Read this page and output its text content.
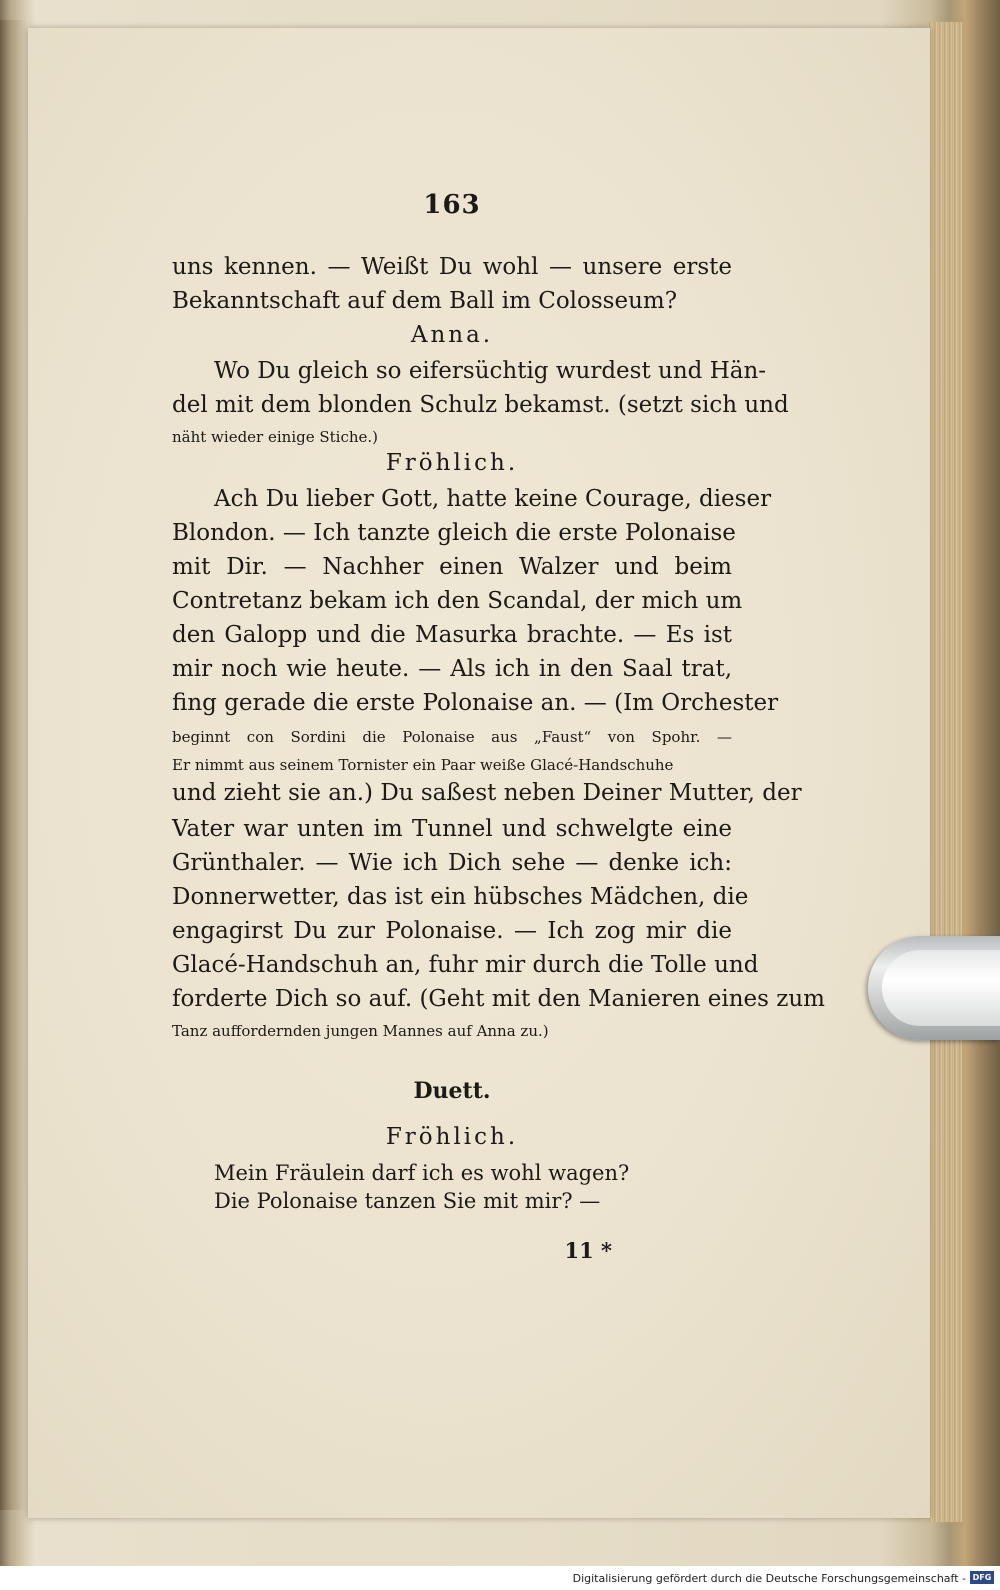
163
uns kennen. — Weißt Du wohl — unsere erste
Bekanntschaft auf dem Ball im Colosseum?
Anna.
Wo Du gleich so eifersüchtig wurdest und Hän-
del mit dem blonden Schulz bekamst. (setzt sich und
näht wieder einige Stiche.)
Fröhlich.
Ach Du lieber Gott, hatte keine Courage, dieser
Blondon. — Ich tanzte gleich die erste Polonaise
mit Dir. — Nachher einen Walzer und beim
Contretanz bekam ich den Scandal, der mich um
den Galopp und die Masurka brachte. — Es ist
mir noch wie heute. — Als ich in den Saal trat,
fing gerade die erste Polonaise an. — (Im Orchester
beginnt con Sordini die Polonaise aus „Faust“ von Spohr. —
Er nimmt aus seinem Tornister ein Paar weiße Glacé-Handschuhe
und zieht sie an.) Du saßest neben Deiner Mutter, der
Vater war unten im Tunnel und schwelgte eine
Grünthaler. — Wie ich Dich sehe — denke ich:
Donnerwetter, das ist ein hübsches Mädchen, die
engagirst Du zur Polonaise. — Ich zog mir die
Glacé-Handschuh an, fuhr mir durch die Tolle und
forderte Dich so auf. (Geht mit den Manieren eines zum
Tanz auffordernden jungen Mannes auf Anna zu.)
Duett.
Fröhlich.
Mein Fräulein darf ich es wohl wagen?
Die Polonaise tanzen Sie mit mir? —
11 *
Digitalisierung gefördert durch die Deutsche Forschungsgemeinschaft - DFG
